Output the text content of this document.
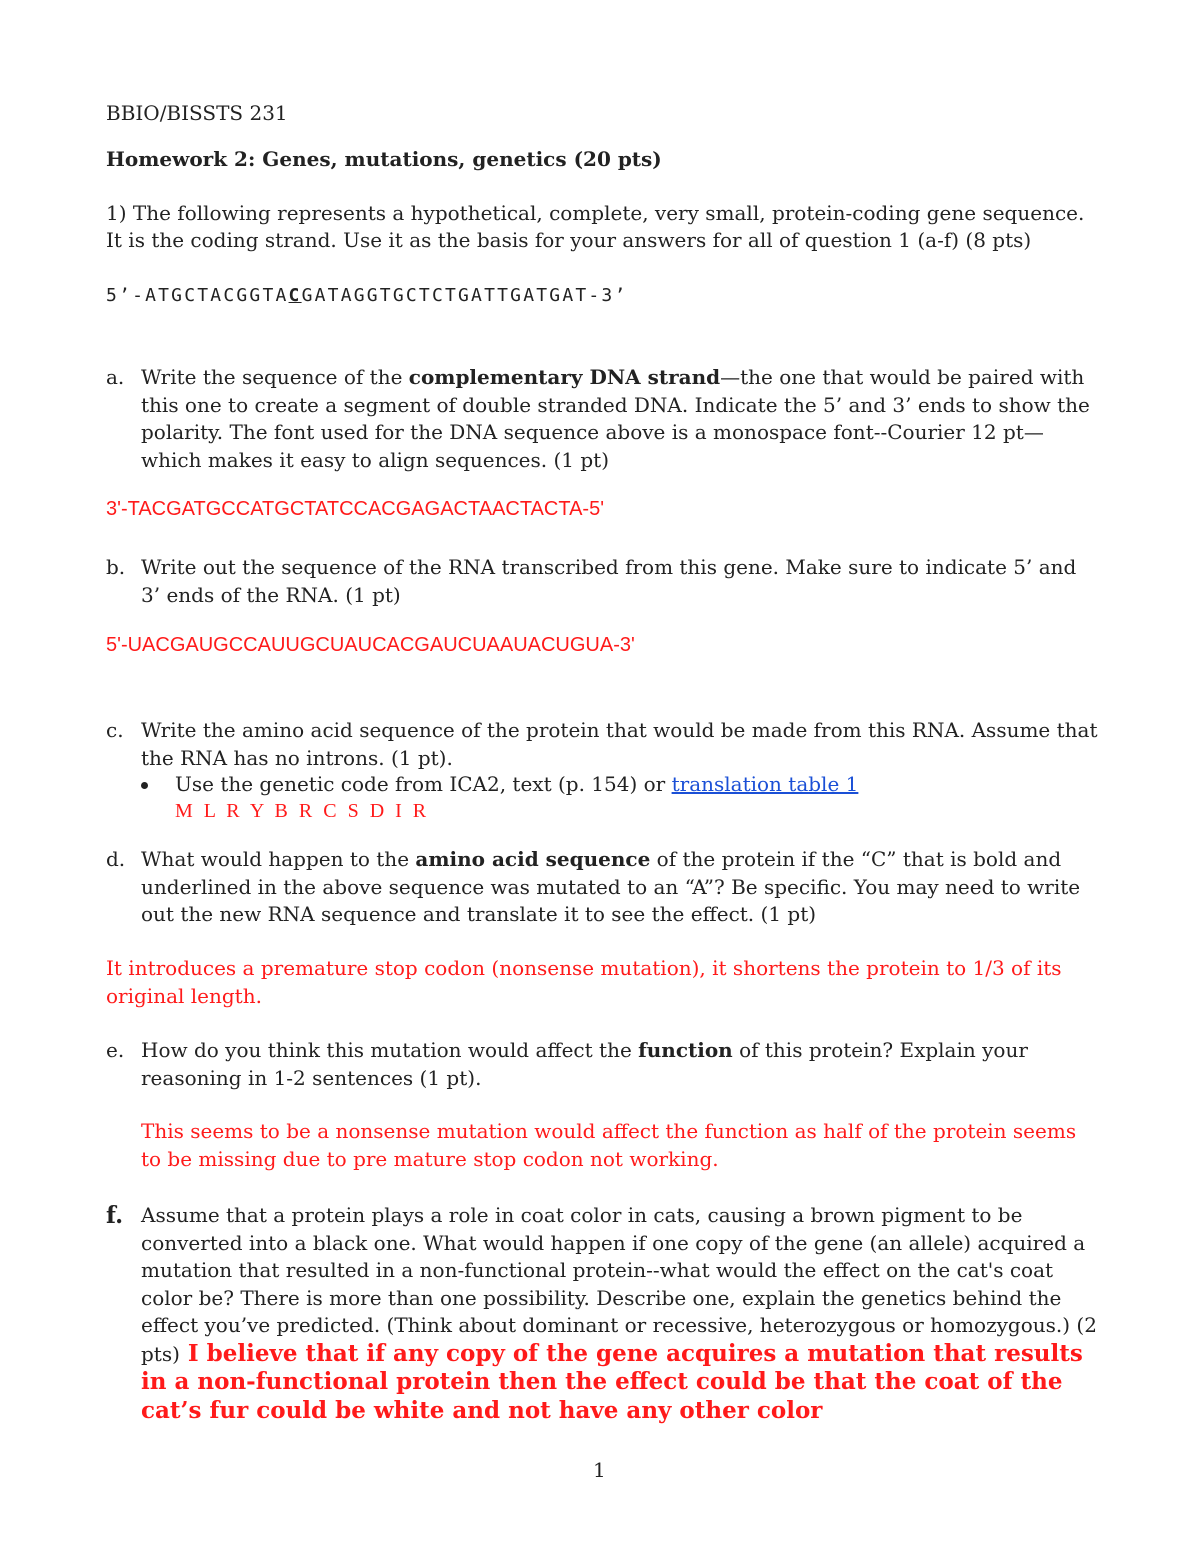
BBIO/BISSTS 231
Homework 2: Genes, mutations, genetics (20 pts)
1) The following represents a hypothetical, complete, very small, protein-coding gene sequence. It is the coding strand. Use it as the basis for your answers for all of question 1 (a-f) (8 pts)
5’-ATGCTACGGTACGATAGGTGCTCTGATTGATGAT-3’
a. Write the sequence of the complementary DNA strand—the one that would be paired with this one to create a segment of double stranded DNA. Indicate the 5’ and 3’ ends to show the polarity. The font used for the DNA sequence above is a monospace font--Courier 12 pt—which makes it easy to align sequences. (1 pt)
3'-TACGATGCCATGCTATCCACGAGACTAACTACTA-5'
b. Write out the sequence of the RNA transcribed from this gene. Make sure to indicate 5’ and 3’ ends of the RNA. (1 pt)
5'-UACGAUGCCAUUGCUAUCACGAUCUAAUACUGUA-3'
c. Write the amino acid sequence of the protein that would be made from this RNA. Assume that the RNA has no introns. (1 pt).
Use the genetic code from ICA2, text (p. 154) or translation table 1
M L R Y B R C S D I R
d. What would happen to the amino acid sequence of the protein if the “C” that is bold and underlined in the above sequence was mutated to an “A”? Be specific. You may need to write out the new RNA sequence and translate it to see the effect. (1 pt)
It introduces a premature stop codon (nonsense mutation), it shortens the protein to 1/3 of its original length.
e. How do you think this mutation would affect the function of this protein? Explain your reasoning in 1-2 sentences (1 pt).
This seems to be a nonsense mutation would affect the function as half of the protein seems to be missing due to pre mature stop codon not working.
f. Assume that a protein plays a role in coat color in cats, causing a brown pigment to be converted into a black one. What would happen if one copy of the gene (an allele) acquired a mutation that resulted in a non-functional protein--what would the effect on the cat's coat color be? There is more than one possibility. Describe one, explain the genetics behind the effect you’ve predicted. (Think about dominant or recessive, heterozygous or homozygous.) (2 pts) I believe that if any copy of the gene acquires a mutation that results in a non-functional protein then the effect could be that the coat of the cat’s fur could be white and not have any other color
1
